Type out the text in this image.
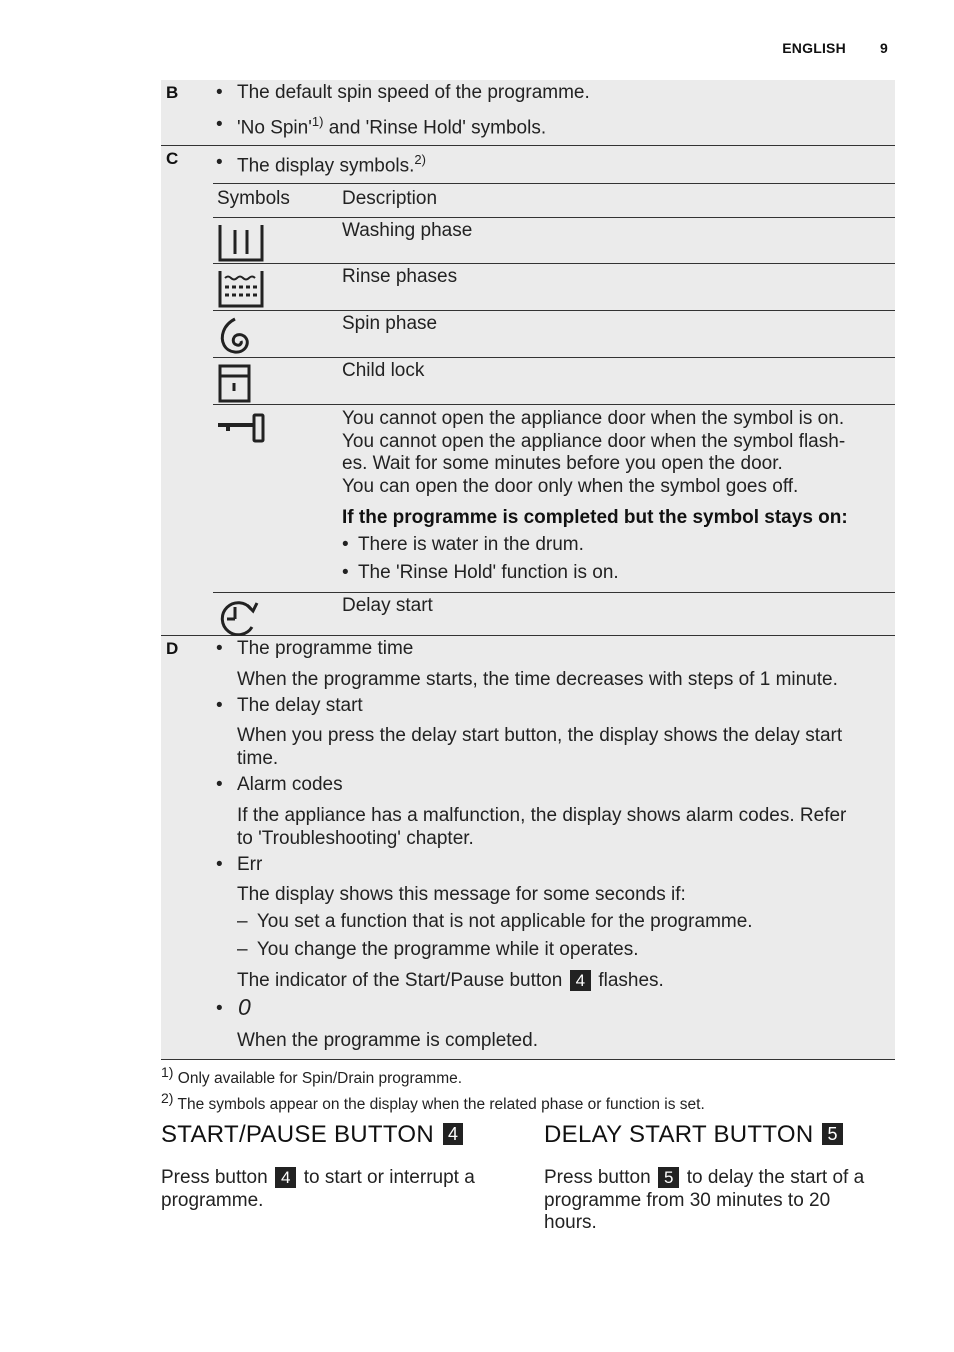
ENGLISH 9
B • The default spin speed of the programme.
• 'No $Spin'^{1)}$ and 'Rinse Hold' symbols.
C • The display symbols.$^{2)}$
Symbols	Description
Washing phase
Rinse phases
Spin phase
Child lock
You cannot open the appliance door when the symbol is on.
You cannot open the appliance door when the symbol flash-
es. Wait for some minutes before you open the door.
You can open the door only when the symbol goes off.
If the programme is completed but the symbol stays on:
• There is water in the drum.
• The 'Rinse Hold' function is on.
Delay start
D • The programme time
When the programme starts, the time decreases with steps of 1 minute.
• The delay start
When you press the delay start button, the display shows the delay start
time.
• Alarm codes
If the appliance has a malfunction, the display shows alarm codes. Refer
to 'Troubleshooting' chapter.
• Err
The display shows this message for some seconds if:
– You set a function that is not applicable for the programme.
– You change the programme while it operates.
The indicator of the Start/Pause button 4 flashes.
• 0
When the programme is completed.
$^{1)}$ Only available for Spin/Drain programme.
$^{2)}$ The symbols appear on the display when the related phase or function is set.
START/PAUSE BUTTON 4
Press button 4 to start or interrupt a
programme.
DELAY START BUTTON 5
Press button 5 to delay the start of a
programme from 30 minutes to 20
hours.
